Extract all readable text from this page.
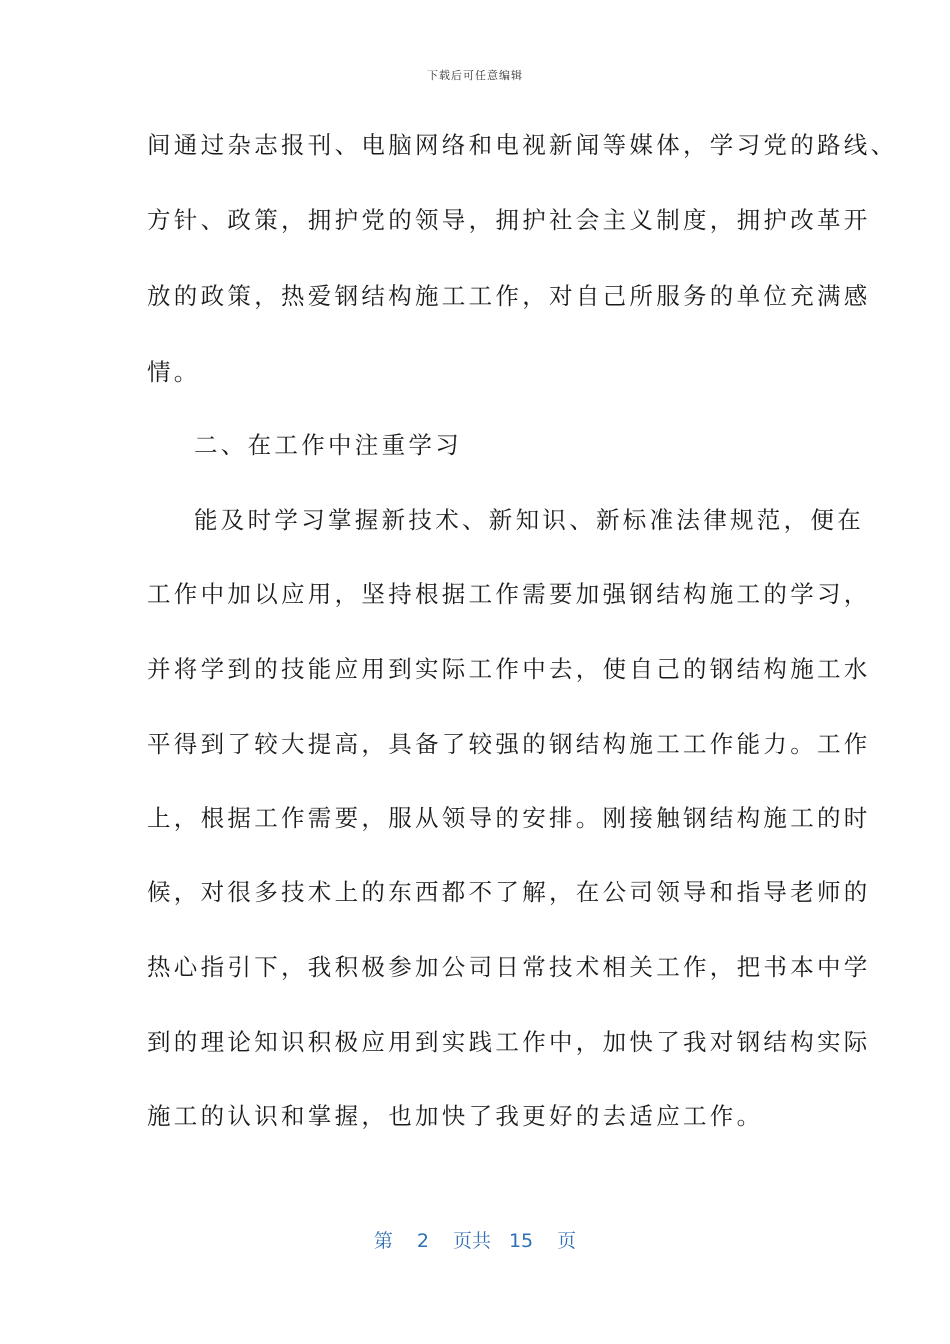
下载后可任意编辑
间通过杂志报刊、电脑网络和电视新闻等媒体，学习党的路线、
方针、政策，拥护党的领导，拥护社会主义制度，拥护改革开
放的政策，热爱钢结构施工工作，对自己所服务的单位充满感
情。
二、在工作中注重学习
能及时学习掌握新技术、新知识、新标准法律规范，便在
工作中加以应用，坚持根据工作需要加强钢结构施工的学习，
并将学到的技能应用到实际工作中去，使自己的钢结构施工水
平得到了较大提高，具备了较强的钢结构施工工作能力。工作
上，根据工作需要，服从领导的安排。刚接触钢结构施工的时
候，对很多技术上的东西都不了解，在公司领导和指导老师的
热心指引下，我积极参加公司日常技术相关工作，把书本中学
到的理论知识积极应用到实践工作中，加快了我对钢结构实际
施工的认识和掌握，也加快了我更好的去适应工作。
第 2 页共 15 页
